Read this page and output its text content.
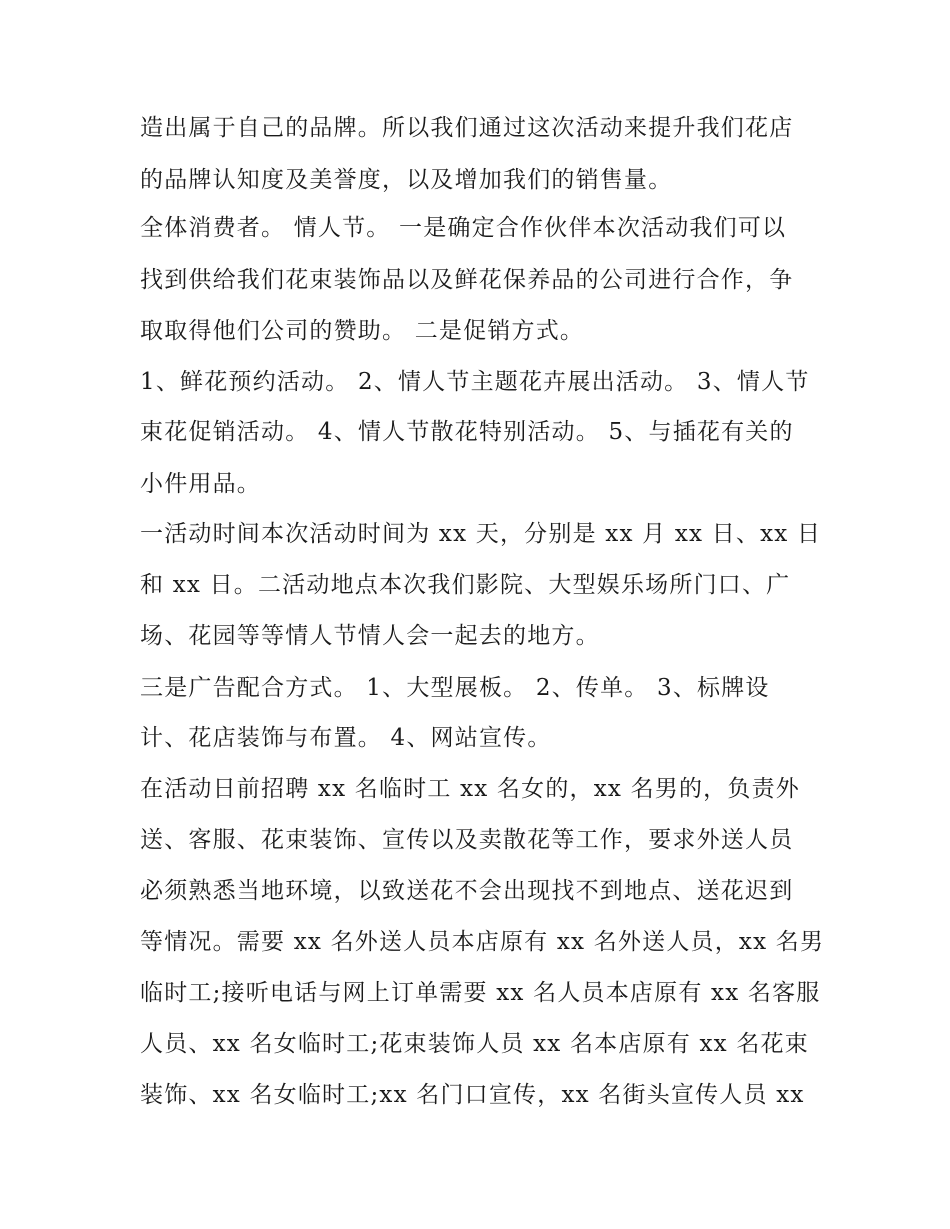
造出属于自己的品牌。所以我们通过这次活动来提升我们花店
的品牌认知度及美誉度，以及增加我们的销售量。
全体消费者。 情人节。 一是确定合作伙伴本次活动我们可以
找到供给我们花束装饰品以及鲜花保养品的公司进行合作，争
取取得他们公司的赞助。 二是促销方式。
1、鲜花预约活动。 2、情人节主题花卉展出活动。 3、情人节
束花促销活动。 4、情人节散花特别活动。 5、与插花有关的
小件用品。
一活动时间本次活动时间为 xx 天，分别是 xx 月 xx 日、xx 日
和 xx 日。二活动地点本次我们影院、大型娱乐场所门口、广
场、花园等等情人节情人会一起去的地方。
三是广告配合方式。 1、大型展板。 2、传单。 3、标牌设
计、花店装饰与布置。 4、网站宣传。
在活动日前招聘 xx 名临时工 xx 名女的，xx 名男的，负责外
送、客服、花束装饰、宣传以及卖散花等工作，要求外送人员
必须熟悉当地环境，以致送花不会出现找不到地点、送花迟到
等情况。需要 xx 名外送人员本店原有 xx 名外送人员，xx 名男
临时工;接听电话与网上订单需要 xx 名人员本店原有 xx 名客服
人员、xx 名女临时工;花束装饰人员 xx 名本店原有 xx 名花束
装饰、xx 名女临时工;xx 名门口宣传，xx 名街头宣传人员 xx
